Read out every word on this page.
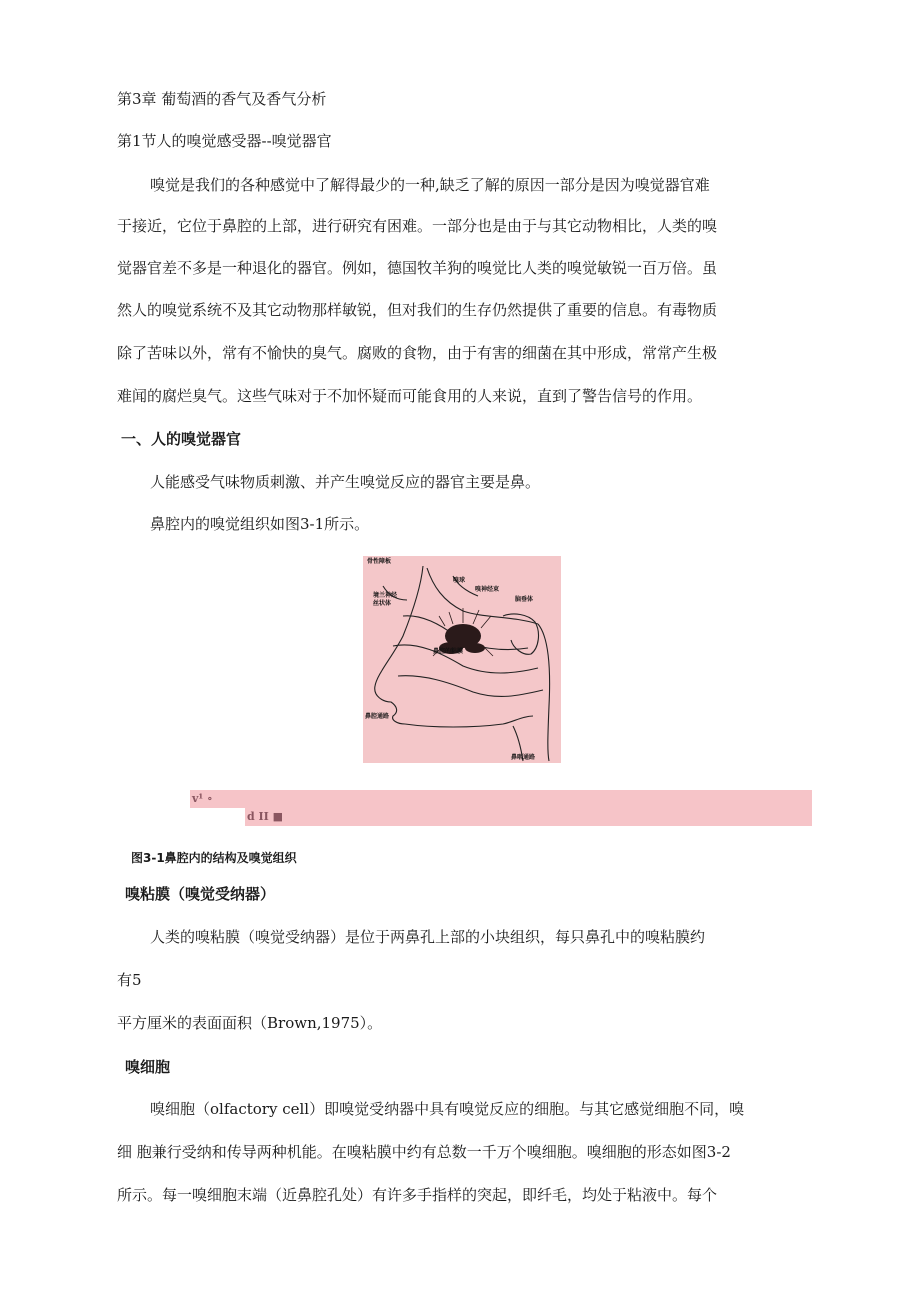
第3章 葡萄酒的香气及香气分析
第1节人的嗅觉感受器--嗅觉器官
嗅觉是我们的各种感觉中了解得最少的一种,缺乏了解的原因一部分是因为嗅觉器官难
于接近，它位于鼻腔的上部，进行研究有困难。一部分也是由于与其它动物相比，人类的嗅
觉器官差不多是一种退化的器官。例如，德国牧羊狗的嗅觉比人类的嗅觉敏锐一百万倍。虽
然人的嗅觉系统不及其它动物那样敏锐，但对我们的生存仍然提供了重要的信息。有毒物质
除了苦味以外，常有不愉快的臭气。腐败的食物，由于有害的细菌在其中形成，常常产生极
难闻的腐烂臭气。这些气味对于不加怀疑而可能食用的人来说，直到了警告信号的作用。
一、人的嗅觉器官
人能感受气味物质刺激、并产生嗅觉反应的器官主要是鼻。
鼻腔内的嗅觉组织如图3-1所示。
骨性障板
境兰神经
丝状体
嗅球
嗅神经束
脑垂体
鼻腔的粘膜
鼻腔通路
鼻咽通路
v¹ ∘
d II ■
图3-1鼻腔内的结构及嗅觉组织
嗅粘膜（嗅觉受纳器）
人类的嗅粘膜（嗅觉受纳器）是位于两鼻孔上部的小块组织，每只鼻孔中的嗅粘膜约
有5
平方厘米的表面面积（Brown,1975）。
嗅细胞
嗅细胞（olfactory cell）即嗅觉受纳器中具有嗅觉反应的细胞。与其它感觉细胞不同，嗅
细 胞兼行受纳和传导两种机能。在嗅粘膜中约有总数一千万个嗅细胞。嗅细胞的形态如图3-2
所示。每一嗅细胞末端（近鼻腔孔处）有许多手指样的突起，即纤毛，均处于粘液中。每个
